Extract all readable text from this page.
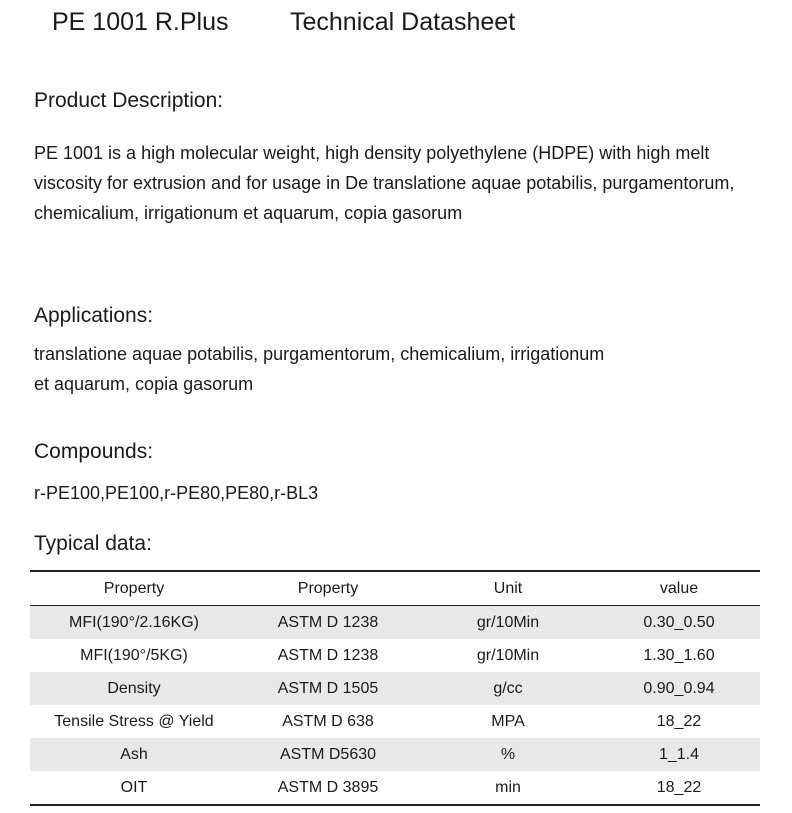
PE 1001 R.Plus Technical Datasheet
Product Description:
PE 1001 is a high molecular weight, high density polyethylene (HDPE) with high melt viscosity for extrusion and for usage in De translatione aquae potabilis, purgamentorum, chemicalium, irrigationum et aquarum, copia gasorum
Applications:
translatione aquae potabilis, purgamentorum, chemicalium, irrigationum et aquarum, copia gasorum
Compounds:
r-PE100,PE100,r-PE80,PE80,r-BL3
Typical data:
Property	Property	Unit	value
MFI(190°/2.16KG)	ASTM D 1238	gr/10Min	0.30_0.50
MFI(190°/5KG)	ASTM D 1238	gr/10Min	1.30_1.60
Density	ASTM D 1505	g/cc	0.90_0.94
Tensile Stress @ Yield	ASTM D 638	MPA	18_22
Ash	ASTM D5630	%	1_1.4
OIT	ASTM D 3895	min	18_22
